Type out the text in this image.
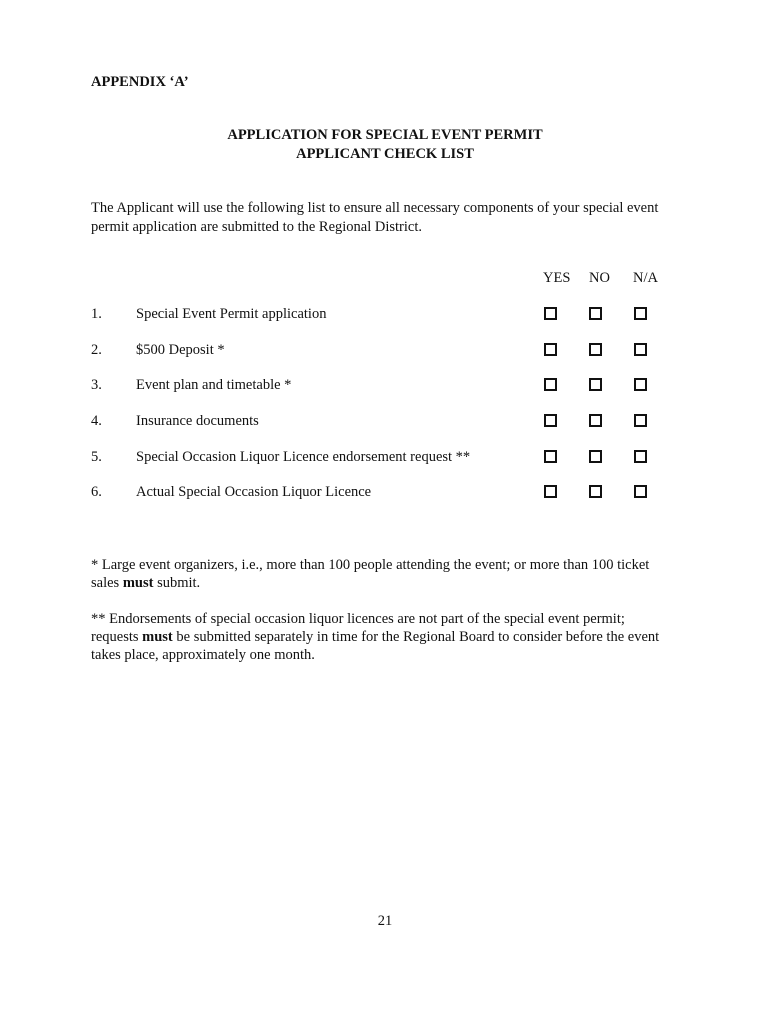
APPENDIX ‘A’
APPLICATION FOR SPECIAL EVENT PERMIT
APPLICANT CHECK LIST
The Applicant will use the following list to ensure all necessary components of your special event permit application are submitted to the Regional District.
YES NO N/A
1. Special Event Permit application
2. $500 Deposit *
3. Event plan and timetable *
4. Insurance documents
5. Special Occasion Liquor Licence endorsement request **
6. Actual Special Occasion Liquor Licence
* Large event organizers, i.e., more than 100 people attending the event; or more than 100 ticket sales must submit.
** Endorsements of special occasion liquor licences are not part of the special event permit; requests must be submitted separately in time for the Regional Board to consider before the event takes place, approximately one month.
21
